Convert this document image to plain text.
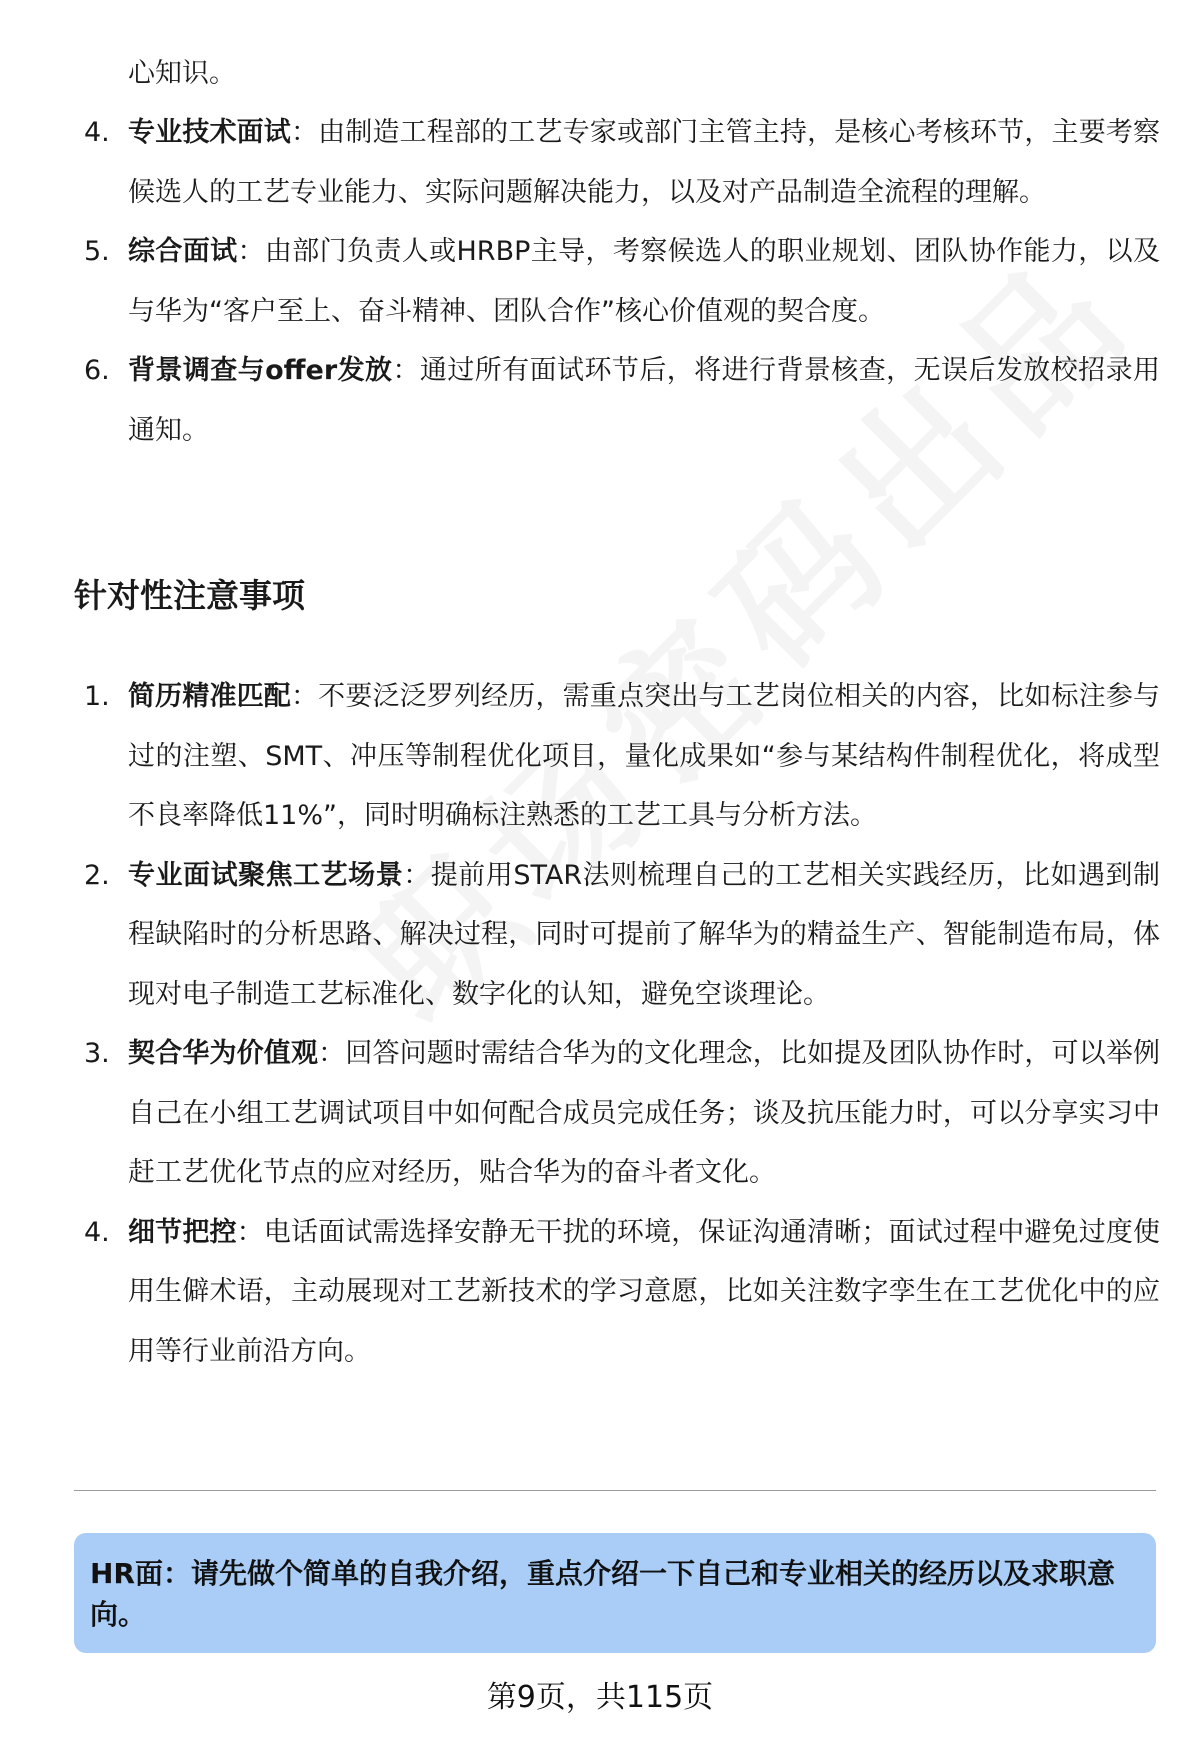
心知识。
4. 专业技术面试：由制造工程部的工艺专家或部门主管主持，是核心考核环节，主要考察候选人的工艺专业能力、实际问题解决能力，以及对产品制造全流程的理解。
5. 综合面试：由部门负责人或HRBP主导，考察候选人的职业规划、团队协作能力，以及与华为“客户至上、奋斗精神、团队合作”核心价值观的契合度。
6. 背景调查与offer发放：通过所有面试环节后，将进行背景核查，无误后发放校招录用通知。
针对性注意事项
1. 简历精准匹配：不要泛泛罗列经历，需重点突出与工艺岗位相关的内容，比如标注参与过的注塑、SMT、冲压等制程优化项目，量化成果如“参与某结构件制程优化，将成型不良率降低11%”，同时明确标注熟悉的工艺工具与分析方法。
2. 专业面试聚焦工艺场景：提前用STAR法则梳理自己的工艺相关实践经历，比如遇到制程缺陷时的分析思路、解决过程，同时可提前了解华为的精益生产、智能制造布局，体现对电子制造工艺标准化、数字化的认知，避免空谈理论。
3. 契合华为价值观：回答问题时需结合华为的文化理念，比如提及团队协作时，可以举例自己在小组工艺调试项目中如何配合成员完成任务；谈及抗压能力时，可以分享实习中赶工艺优化节点的应对经历，贴合华为的奋斗者文化。
4. 细节把控：电话面试需选择安静无干扰的环境，保证沟通清晰；面试过程中避免过度使用生僻术语，主动展现对工艺新技术的学习意愿，比如关注数字孪生在工艺优化中的应用等行业前沿方向。
HR面：请先做个简单的自我介绍，重点介绍一下自己和专业相关的经历以及求职意向。
第9页，共115页
